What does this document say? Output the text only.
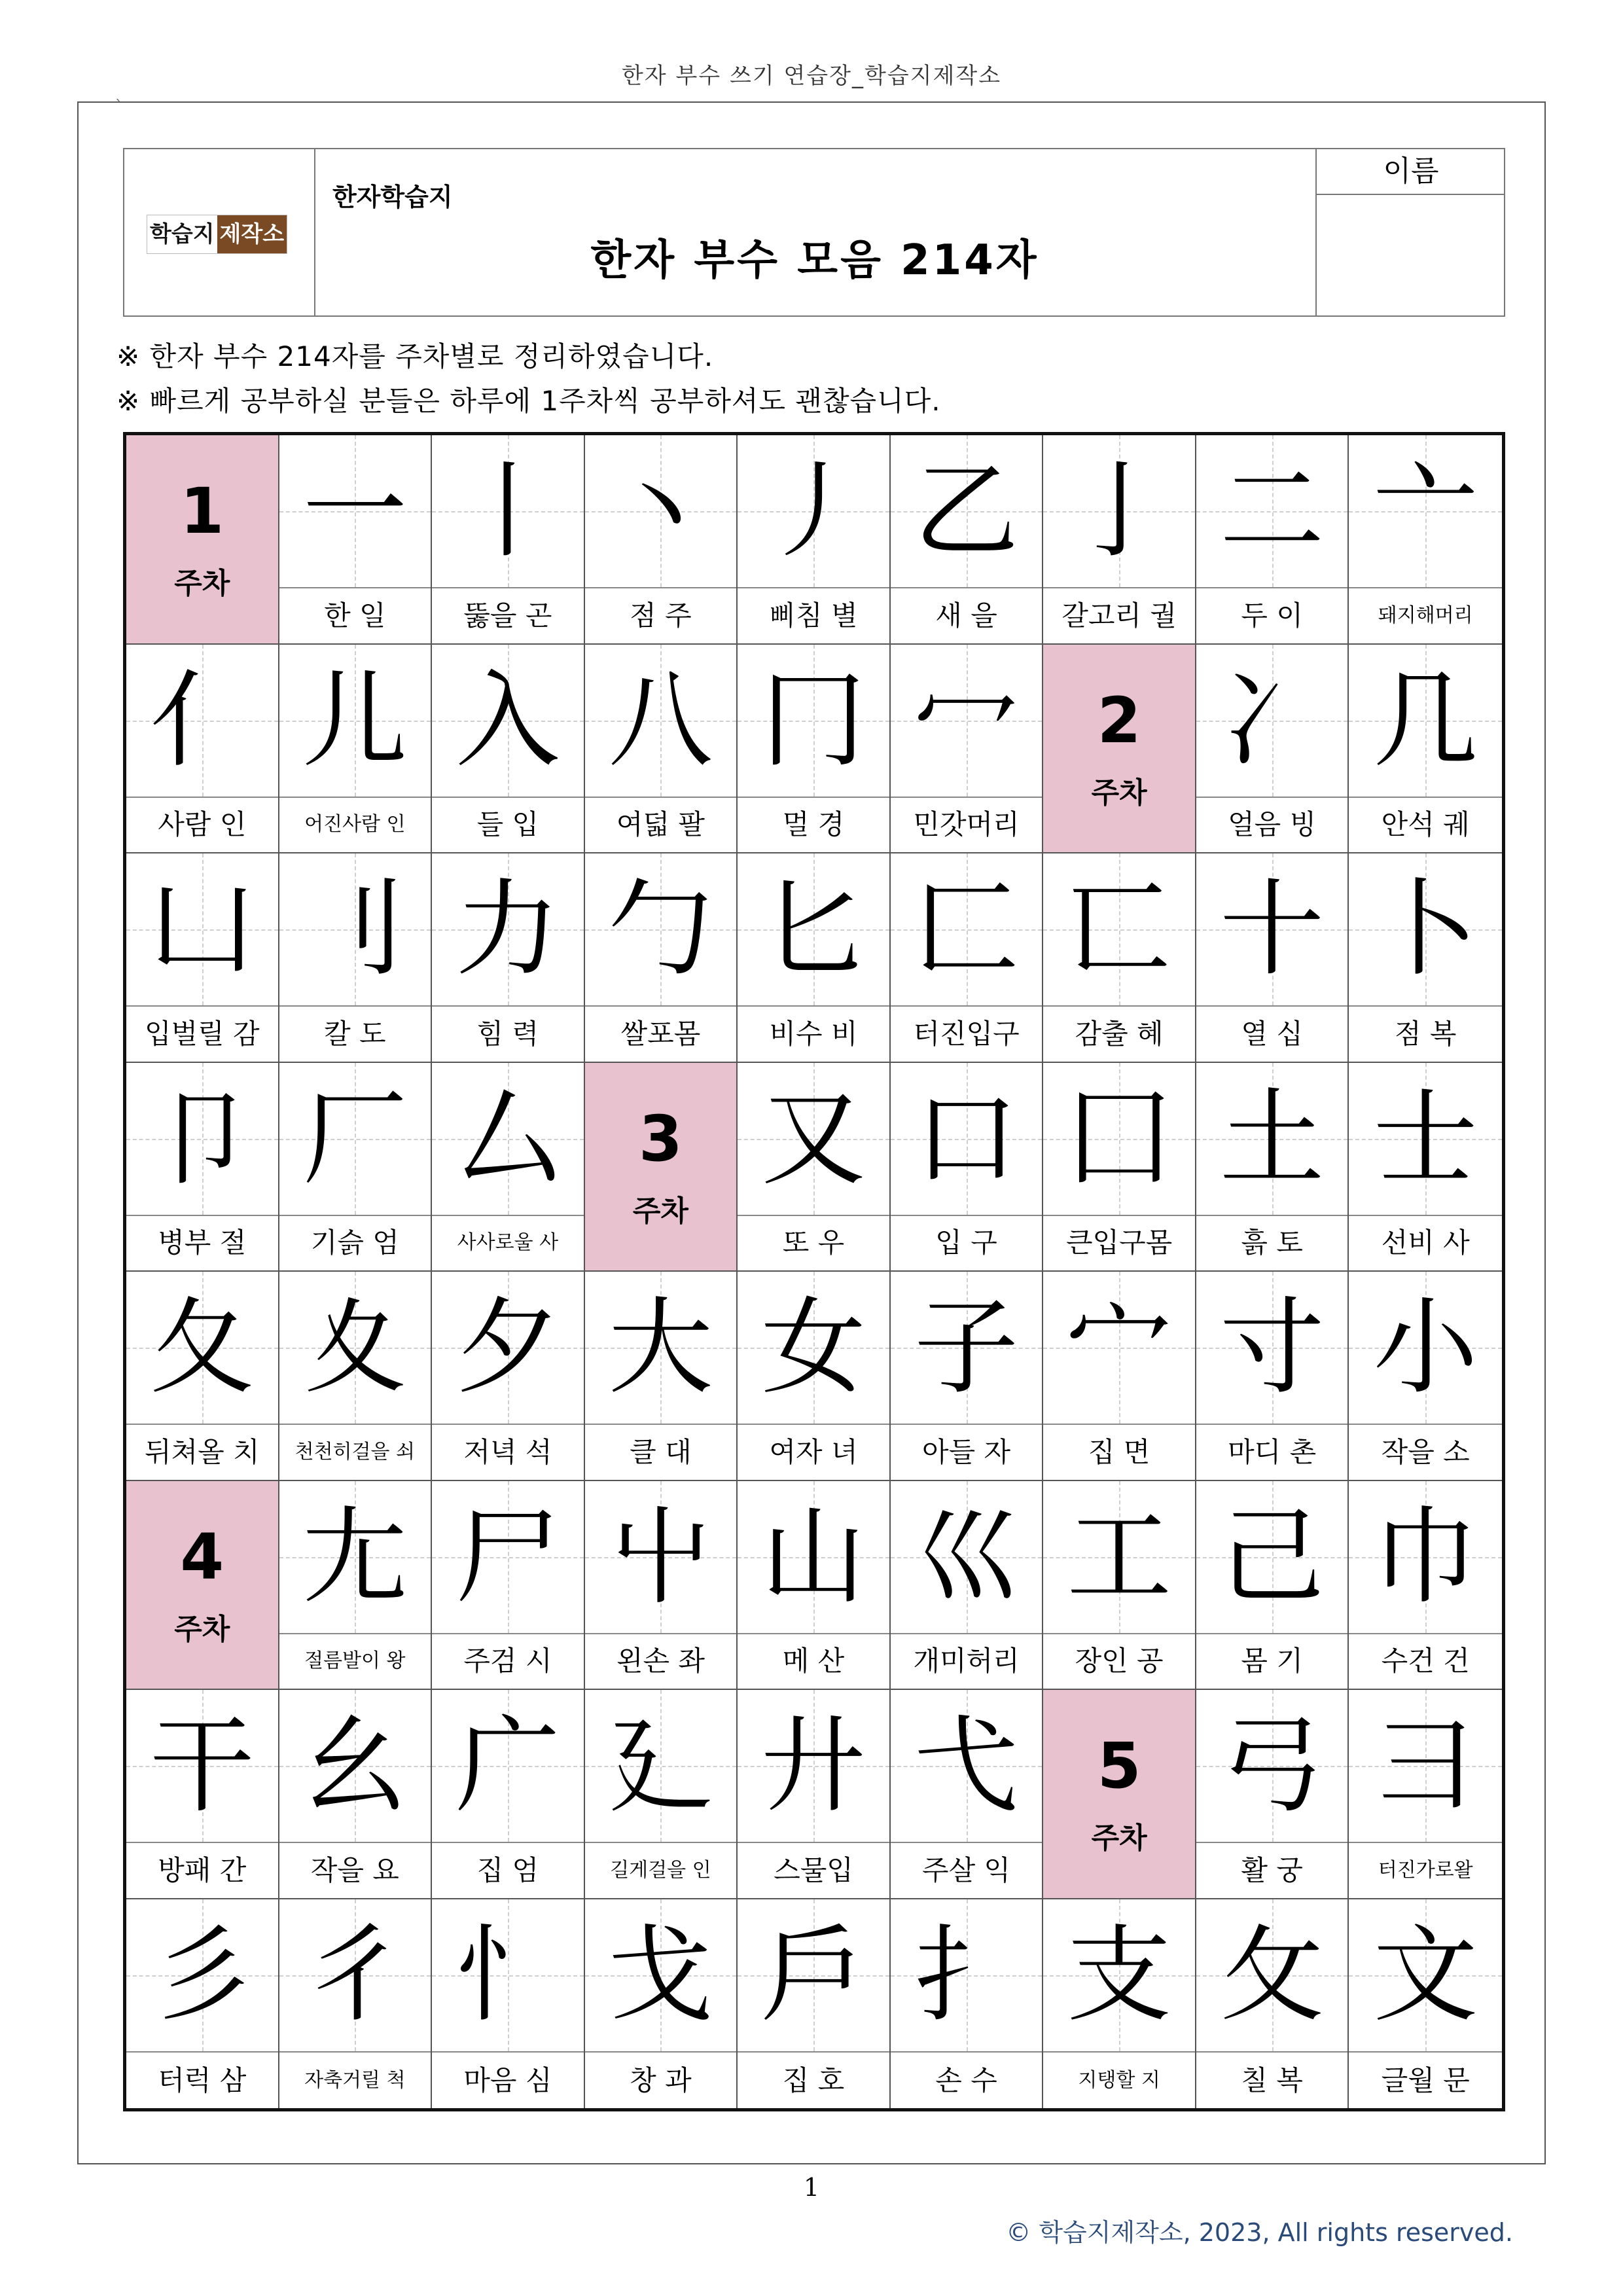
한자 부수 쓰기 연습장_학습지제작소
`
학습지 제작소
한자학습지
한자 부수 모음 214자
이름
※ 한자 부수 214자를 주차별로 정리하였습니다.
※ 빠르게 공부하실 분들은 하루에 1주차씩 공부하셔도 괜찮습니다.
1
주차
一
한 일
丨
뚫을 곤
丶
점 주
丿
삐침 별
乙
새 을
亅
갈고리 궐
二
두 이
亠
돼지해머리
亻
사람 인
儿
어진사람 인
入
들 입
八
여덟 팔
冂
멀 경
冖
민갓머리
2
주차
冫
얼음 빙
几
안석 궤
凵
입벌릴 감
刂
칼 도
力
힘 력
勹
쌀포몸
匕
비수 비
匚
터진입구
匸
감출 혜
十
열 십
卜
점 복
卩
병부 절
厂
기슭 엄
厶
사사로울 사
3
주차
又
또 우
口
입 구
囗
큰입구몸
土
흙 토
士
선비 사
夂
뒤쳐올 치
夊
천천히걸을 쇠
夕
저녁 석
大
클 대
女
여자 녀
子
아들 자
宀
집 면
寸
마디 촌
小
작을 소
4
주차
尢
절름발이 왕
尸
주검 시
屮
왼손 좌
山
메 산
巛
개미허리
工
장인 공
己
몸 기
巾
수건 건
干
방패 간
幺
작을 요
广
집 엄
廴
길게걸을 인
廾
스물입
弋
주살 익
5
주차
弓
활 궁
彐
터진가로왈
彡
터럭 삼
彳
자축거릴 척
忄
마음 심
戈
창 과
戶
집 호
扌
손 수
支
지탱할 지
攵
칠 복
文
글월 문
1
© 학습지제작소, 2023, All rights reserved.
